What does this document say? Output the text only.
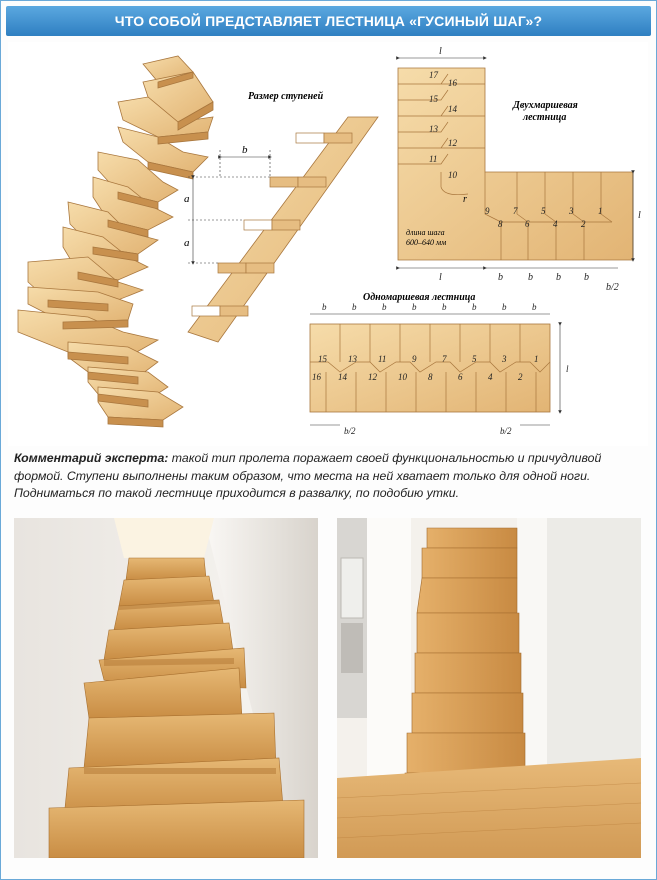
ЧТО СОБОЙ ПРЕДСТАВЛЯЕТ ЛЕСТНИЦА «ГУСИНЫЙ ШАГ»?
Размер ступеней
b
a
a
Двухмаршевая
лестница
17
16
15
14
13
12
11
10
9	7	5	3	1
8	6	4	2
длина шага
600–640 мм
r
l
l
l	b	b b b
b/2
Одномаршевая лестница
15 13 11	9	7	5	3	1
16 14 12 10 8	6	4	2
b	b	b	b	b	b	b	b
l
b/2	b/2
Комментарий эксперта: такой тип пролета поражает своей функциональностью и причудливой формой. Ступени выполнены таким образом, что места на ней хватает только для одной ноги. Подниматься по такой лестнице приходится в развалку, по подобию утки.
